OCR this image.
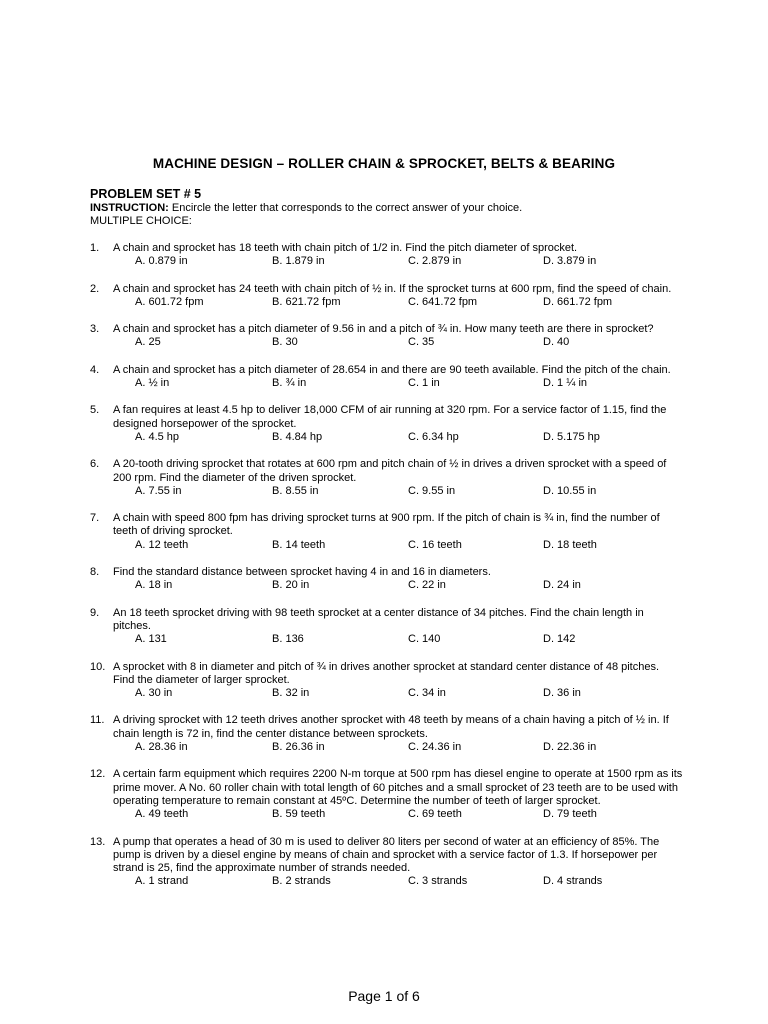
MACHINE DESIGN – ROLLER CHAIN & SPROCKET, BELTS & BEARING
PROBLEM SET # 5
INSTRUCTION: Encircle the letter that corresponds to the correct answer of your choice.
MULTIPLE CHOICE:
1.	A chain and sprocket has 18 teeth with chain pitch of 1/2 in. Find the pitch diameter of sprocket.
A. 0.879 in	B. 1.879 in	C. 2.879 in	D. 3.879 in
2.	A chain and sprocket has 24 teeth with chain pitch of ½ in. If the sprocket turns at 600 rpm, find the speed of chain.
A. 601.72 fpm	B. 621.72 fpm	C. 641.72 fpm	D. 661.72 fpm
3.	A chain and sprocket has a pitch diameter of 9.56 in and a pitch of ¾ in. How many teeth are there in sprocket?
A. 25	B. 30	C. 35	D. 40
4.	A chain and sprocket has a pitch diameter of 28.654 in and there are 90 teeth available. Find the pitch of the chain.
A. ½ in	B. ¾ in	C. 1 in	D. 1 ¼ in
5.	A fan requires at least 4.5 hp to deliver 18,000 CFM of air running at 320 rpm. For a service factor of 1.15, find the designed horsepower of the sprocket.
A. 4.5 hp	B. 4.84 hp	C. 6.34 hp	D. 5.175 hp
6.	A 20-tooth driving sprocket that rotates at 600 rpm and pitch chain of ½ in drives a driven sprocket with a speed of 200 rpm. Find the diameter of the driven sprocket.
A. 7.55 in	B. 8.55 in	C. 9.55 in	D. 10.55 in
7.	A chain with speed 800 fpm has driving sprocket turns at 900 rpm. If the pitch of chain is ¾ in, find the number of teeth of driving sprocket.
A. 12 teeth	B. 14 teeth	C. 16 teeth	D. 18 teeth
8.	Find the standard distance between sprocket having 4 in and 16 in diameters.
A. 18 in	B. 20 in	C. 22 in	D. 24 in
9.	An 18 teeth sprocket driving with 98 teeth sprocket at a center distance of 34 pitches. Find the chain length in pitches.
A. 131	B. 136	C. 140	D. 142
10. A sprocket with 8 in diameter and pitch of ¾ in drives another sprocket at standard center distance of 48 pitches. Find the diameter of larger sprocket.
A. 30 in	B. 32 in	C. 34 in	D. 36 in
11. A driving sprocket with 12 teeth drives another sprocket with 48 teeth by means of a chain having a pitch of ½ in. If chain length is 72 in, find the center distance between sprockets.
A. 28.36 in	B. 26.36 in	C. 24.36 in	D. 22.36 in
12. A certain farm equipment which requires 2200 N-m torque at 500 rpm has diesel engine to operate at 1500 rpm as its prime mover. A No. 60 roller chain with total length of 60 pitches and a small sprocket of 23 teeth are to be used with operating temperature to remain constant at 45ºC. Determine the number of teeth of larger sprocket.
A. 49 teeth	B. 59 teeth	C. 69 teeth	D. 79 teeth
13. A pump that operates a head of 30 m is used to deliver 80 liters per second of water at an efficiency of 85%. The pump is driven by a diesel engine by means of chain and sprocket with a service factor of 1.3. If horsepower per strand is 25, find the approximate number of strands needed.
A. 1 strand	B. 2 strands	C. 3 strands	D. 4 strands
Page 1 of 6
